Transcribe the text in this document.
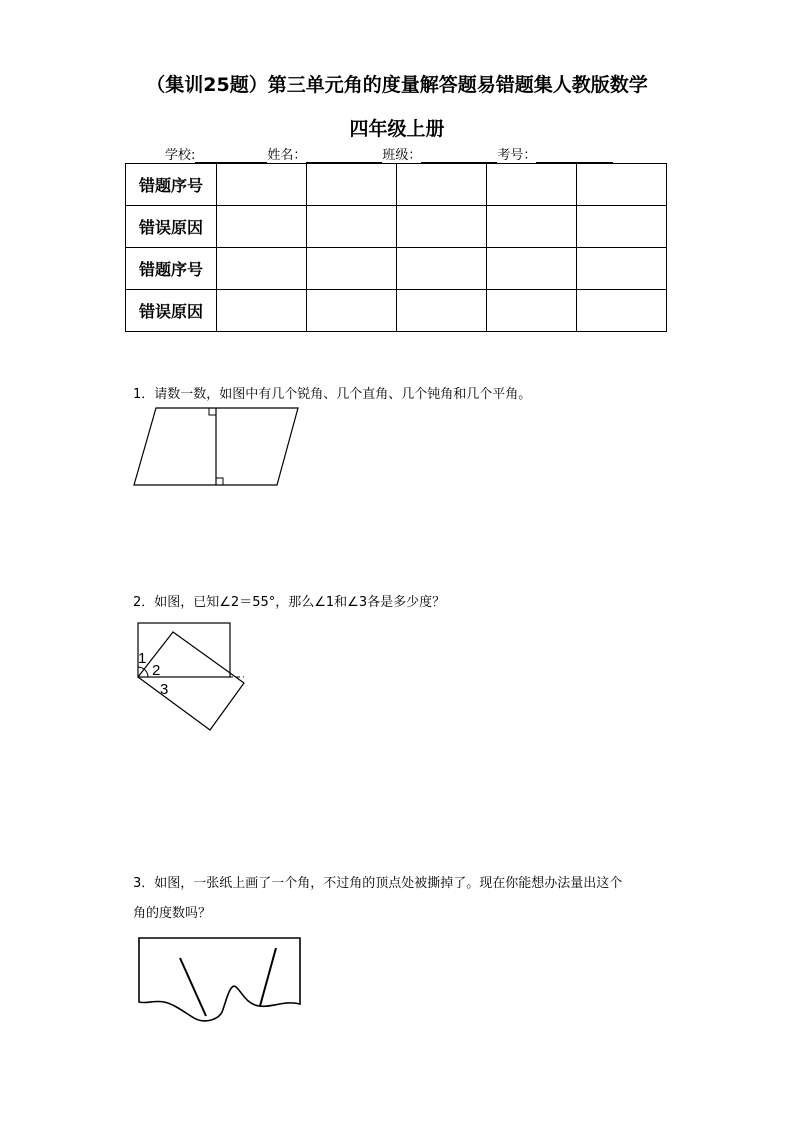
（集训25题）第三单元角的度量解答题易错题集人教版数学
四年级上册
学校:	姓名：	班级：	考号：
错题序号					
错误原因					
错题序号					
错误原因					

1．请数一数，如图中有几个锐角、几个直角、几个钝角和几个平角。

2．如图，已知∠2＝55°，那么∠1和∠3各是多少度？

1
2
3

3．如图，一张纸上画了一个角，不过角的顶点处被撕掉了。现在你能想办法量出这个

角的度数吗？
